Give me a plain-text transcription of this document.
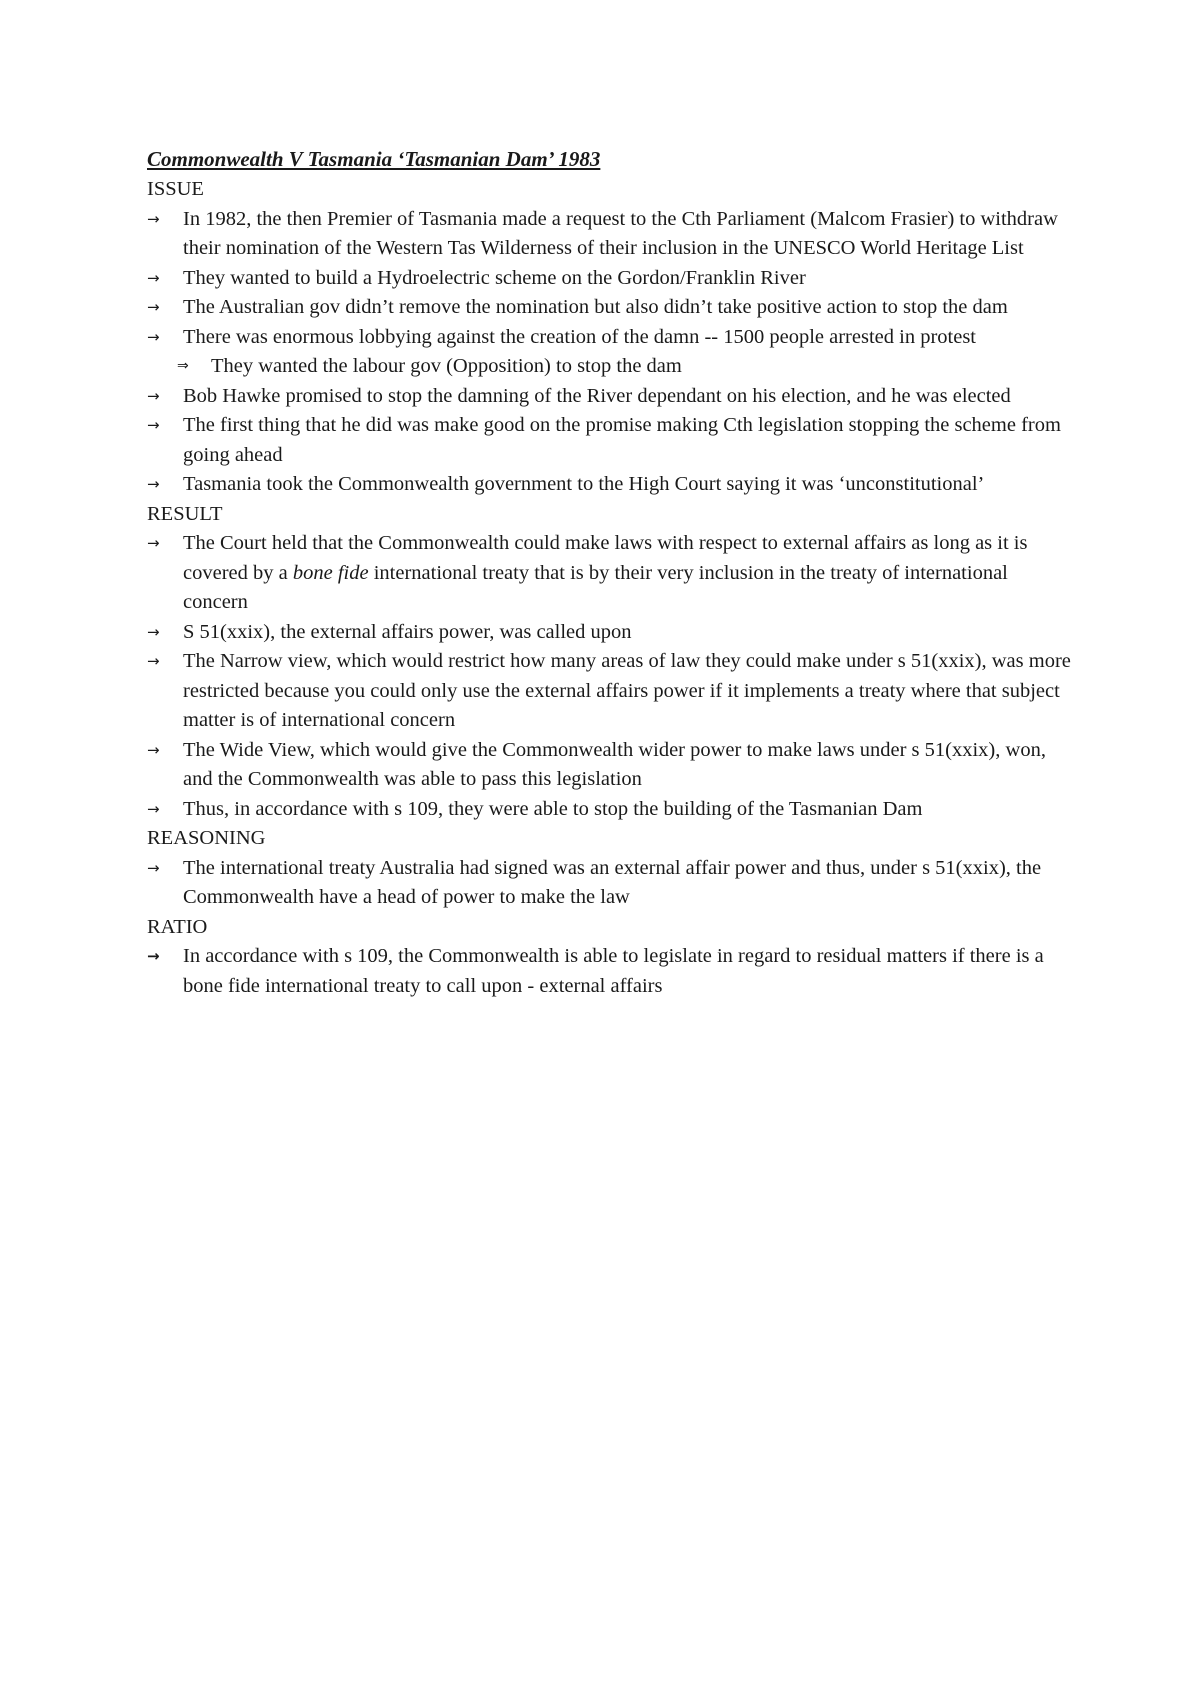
Commonwealth V Tasmania ‘Tasmanian Dam’ 1983

ISSUE

→	In 1982, the then Premier of Tasmania made a request to the Cth Parliament (Malcom Frasier) to withdraw their nomination of the Western Tas Wilderness of their inclusion in the UNESCO World Heritage List
→	They wanted to build a Hydroelectric scheme on the Gordon/Franklin River
→	The Australian gov didn’t remove the nomination but also didn’t take positive action to stop the dam
→	There was enormous lobbying against the creation of the damn -- 1500 people arrested in protest
⇒ They wanted the labour gov (Opposition) to stop the dam
→	Bob Hawke promised to stop the damning of the River dependant on his election, and he was elected
→	The first thing that he did was make good on the promise making Cth legislation stopping the scheme from going ahead
→	Tasmania took the Commonwealth government to the High Court saying it was ‘unconstitutional’

RESULT

→	The Court held that the Commonwealth could make laws with respect to external affairs as long as it is covered by a bone fide international treaty that is by their very inclusion in the treaty of international concern
→	S 51(xxix), the external affairs power, was called upon
→	The Narrow view, which would restrict how many areas of law they could make under s 51(xxix), was more restricted because you could only use the external affairs power if it implements a treaty where that subject matter is of international concern
→	The Wide View, which would give the Commonwealth wider power to make laws under s 51(xxix), won, and the Commonwealth was able to pass this legislation
→	Thus, in accordance with s 109, they were able to stop the building of the Tasmanian Dam

REASONING

→	The international treaty Australia had signed was an external affair power and thus, under s 51(xxix), the Commonwealth have a head of power to make the law

RATIO

→	In accordance with s 109, the Commonwealth is able to legislate in regard to residual matters if there is a bone fide international treaty to call upon - external affairs
